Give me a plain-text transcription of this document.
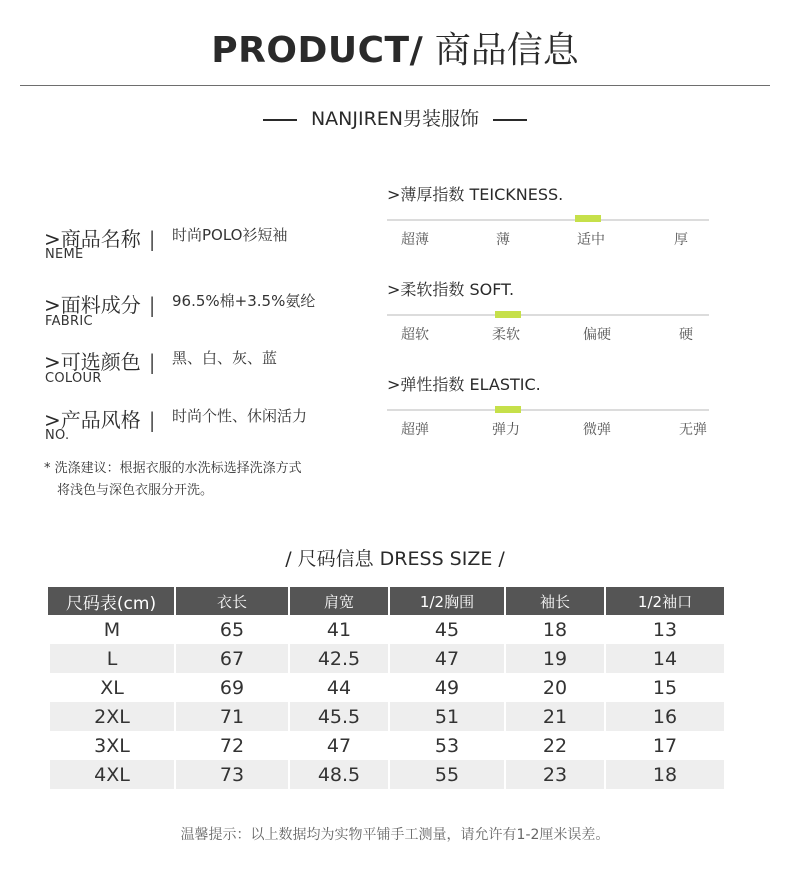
PRODUCT/ 商品信息
NANJIREN男装服饰
>商品名称 |	时尚POLO衫短袖
NEME
>面料成分 |	96.5%棉+3.5%氨纶
FABRIC
>可选颜色 |	黑、白、灰、蓝
COLOUR
>产品风格 |	时尚个性、休闲活力
NO.
* 洗涤建议：根据衣服的水洗标选择洗涤方式
将浅色与深色衣服分开洗。
>薄厚指数 TEICKNESS.
超薄	薄	适中	厚
>柔软指数 SOFT.
超软	柔软	偏硬	硬
>弹性指数 ELASTIC.
超弹	弹力	微弹	无弹
/ 尺码信息 DRESS SIZE /
尺码表(cm)	衣长	肩宽	1/2胸围	袖长	1/2袖口
M	65	41	45	18	13
L	67	42.5	47	19	14
XL	69	44	49	20	15
2XL	71	45.5	51	21	16
3XL	72	47	53	22	17
4XL	73	48.5	55	23	18
温馨提示：以上数据均为实物平铺手工测量，请允许有1-2厘米误差。
